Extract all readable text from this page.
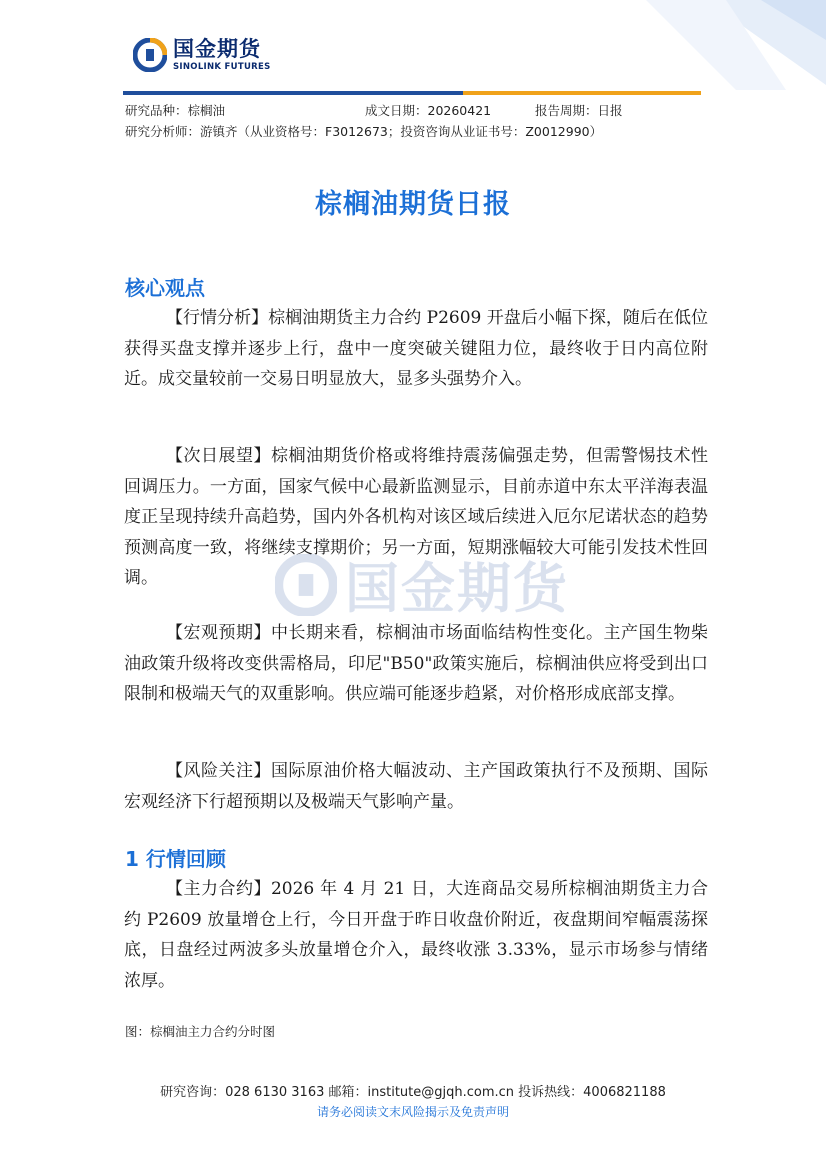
国金期货
SINOLINK FUTURES
研究品种：棕榈油	成文日期：20260421	报告周期：日报
研究分析师：游镇齐（从业资格号：F3012673；投资咨询从业证书号：Z0012990）
棕榈油期货日报
核心观点

【行情分析】棕榈油期货主力合约 P2609 开盘后小幅下探，随后在低位获得买盘支撑并逐步上行，盘中一度突破关键阻力位，最终收于日内高位附近。成交量较前一交易日明显放大，显多头强势介入。

【次日展望】棕榈油期货价格或将维持震荡偏强走势，但需警惕技术性回调压力。一方面，国家气候中心最新监测显示，目前赤道中东太平洋海表温度正呈现持续升高趋势，国内外各机构对该区域后续进入厄尔尼诺状态的趋势预测高度一致，将继续支撑期价；另一方面，短期涨幅较大可能引发技术性回调。

【宏观预期】中长期来看，棕榈油市场面临结构性变化。主产国生物柴油政策升级将改变供需格局，印尼"B50"政策实施后，棕榈油供应将受到出口限制和极端天气的双重影响。供应端可能逐步趋紧，对价格形成底部支撑。

【风险关注】国际原油价格大幅波动、主产国政策执行不及预期、国际宏观经济下行超预期以及极端天气影响产量。

1 行情回顾

【主力合约】2026 年 4 月 21 日，大连商品交易所棕榈油期货主力合约 P2609 放量增仓上行，今日开盘于昨日收盘价附近，夜盘期间窄幅震荡探底，日盘经过两波多头放量增仓介入，最终收涨 3.33%，显示市场参与情绪浓厚。

图：棕榈油主力合约分时图
国金期货
研究咨询：028 6130 3163 邮箱：institute@gjqh.com.cn 投诉热线：4006821188
请务必阅读文末风险揭示及免责声明
